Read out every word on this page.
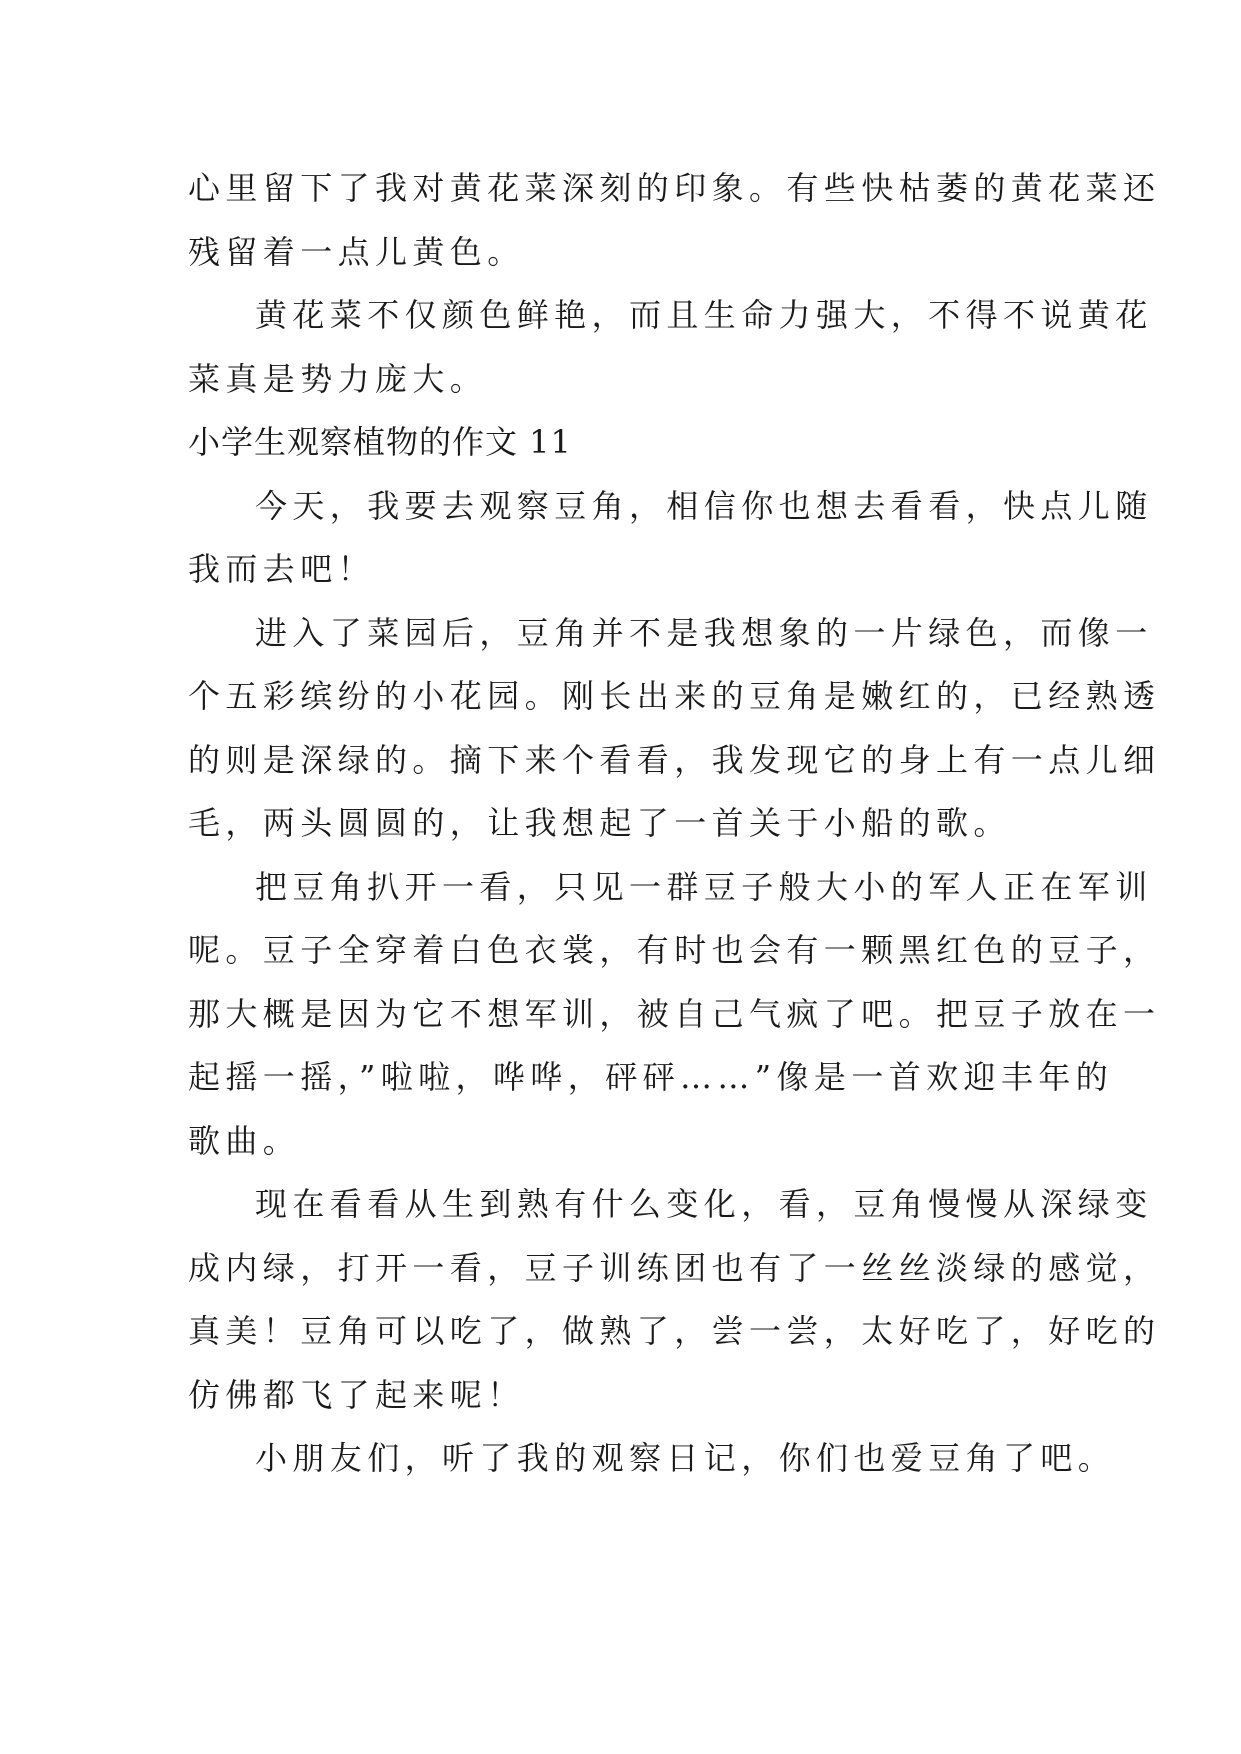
心里留下了我对黄花菜深刻的印象。有些快枯萎的黄花菜还

残留着一点儿黄色。

黄花菜不仅颜色鲜艳，而且生命力强大，不得不说黄花

菜真是势力庞大。

小学生观察植物的作文 11

今天，我要去观察豆角，相信你也想去看看，快点儿随

我而去吧！

进入了菜园后，豆角并不是我想象的一片绿色，而像一

个五彩缤纷的小花园。刚长出来的豆角是嫩红的，已经熟透

的则是深绿的。摘下来个看看，我发现它的身上有一点儿细

毛，两头圆圆的，让我想起了一首关于小船的歌。

把豆角扒开一看，只见一群豆子般大小的军人正在军训

呢。豆子全穿着白色衣裳，有时也会有一颗黑红色的豆子，

那大概是因为它不想军训，被自己气疯了吧。把豆子放在一

起摇一摇，”啦啦，哗哗，砰砰……”像是一首欢迎丰年的

歌曲。

现在看看从生到熟有什么变化，看，豆角慢慢从深绿变

成内绿，打开一看，豆子训练团也有了一丝丝淡绿的感觉，

真美！豆角可以吃了，做熟了，尝一尝，太好吃了，好吃的

仿佛都飞了起来呢！

小朋友们，听了我的观察日记，你们也爱豆角了吧。
